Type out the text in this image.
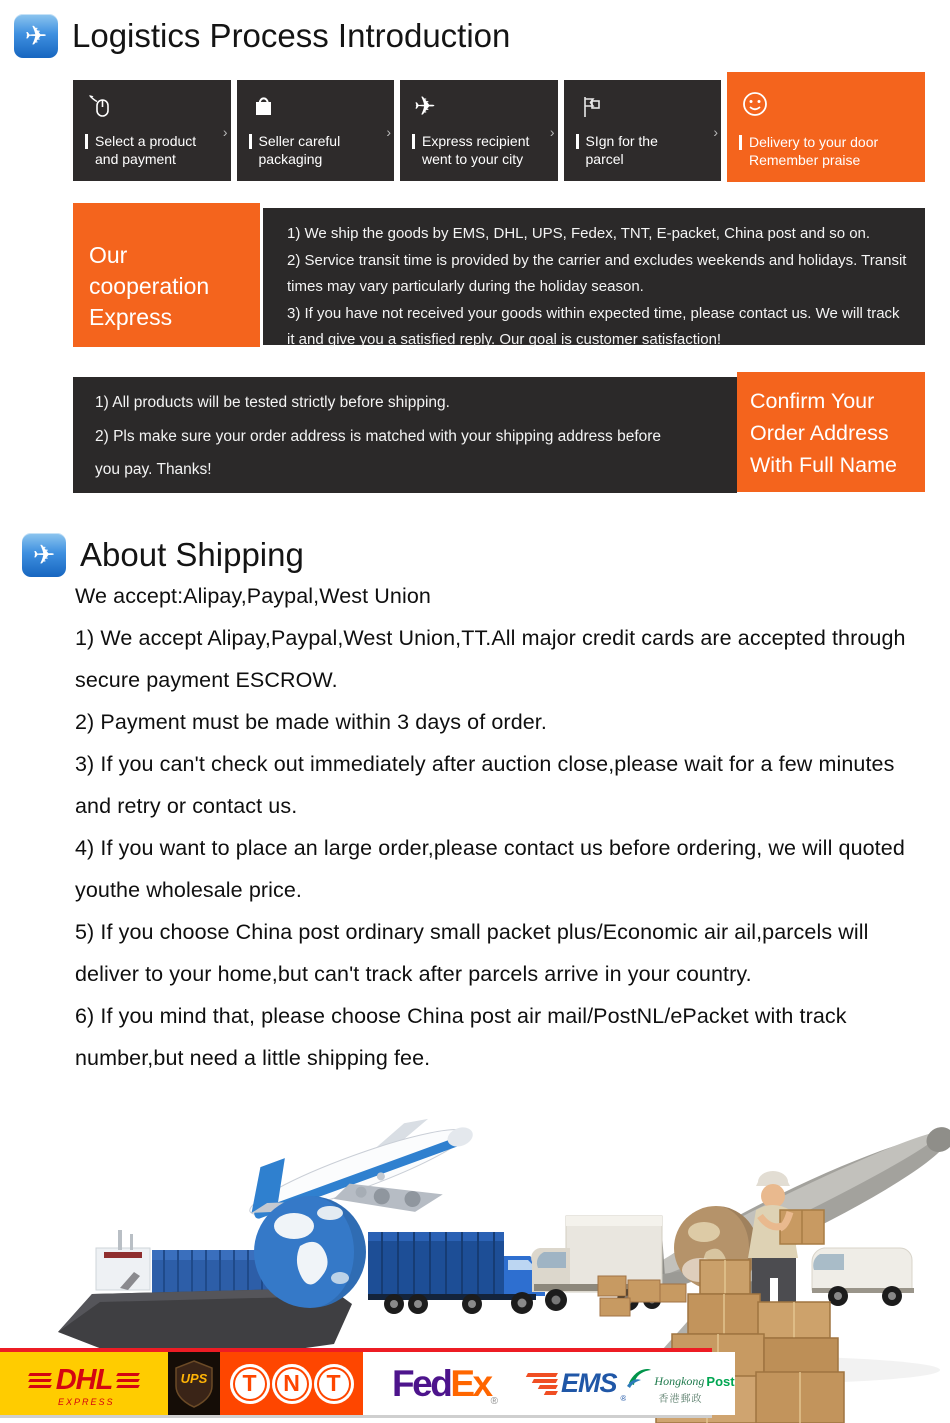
✈ Logistics Process Introduction
›
Select a product
and payment
›
Seller careful
packaging
✈
›
Express recipient
went to your city
›
SIgn for the
parcel
Delivery to your door
Remember praise
Our cooperation
Express

1) We ship the goods by EMS, DHL, UPS, Fedex, TNT, E-packet, China post and so on.

2) Service transit time is provided by the carrier and excludes weekends and holidays. Transit times may vary particularly during the holiday season.

3) If you have not received your goods within expected time, please contact us. We will track it and give you a satisfied reply. Our goal is customer satisfaction!

1) All products will be tested strictly before shipping.

2) Pls make sure your order address is matched with your shipping address before you pay. Thanks!

Confirm Your
Order Address
With Full Name
✈ About Shipping

We accept:Alipay,Paypal,West Union

1) We accept Alipay,Paypal,West Union,TT.All major credit cards are accepted through secure payment ESCROW.

2) Payment must be made within 3 days of order.

3) If you can't check out immediately after auction close,please wait for a few minutes and retry or contact us.

4) If you want to place an large order,please contact us before ordering, we will quoted youthe wholesale price.

5) If you choose China post ordinary small packet plus/Economic air ail,parcels will deliver to your home,but can't track after parcels arrive in your country.

6) If you mind that, please choose China post air mail/PostNL/ePacket with track number,but need a little shipping fee.

DHL
EXPRESS
UPS	T	N	T	Fed Ex ®
EMS
®
Hongkong Post
香港郵政
